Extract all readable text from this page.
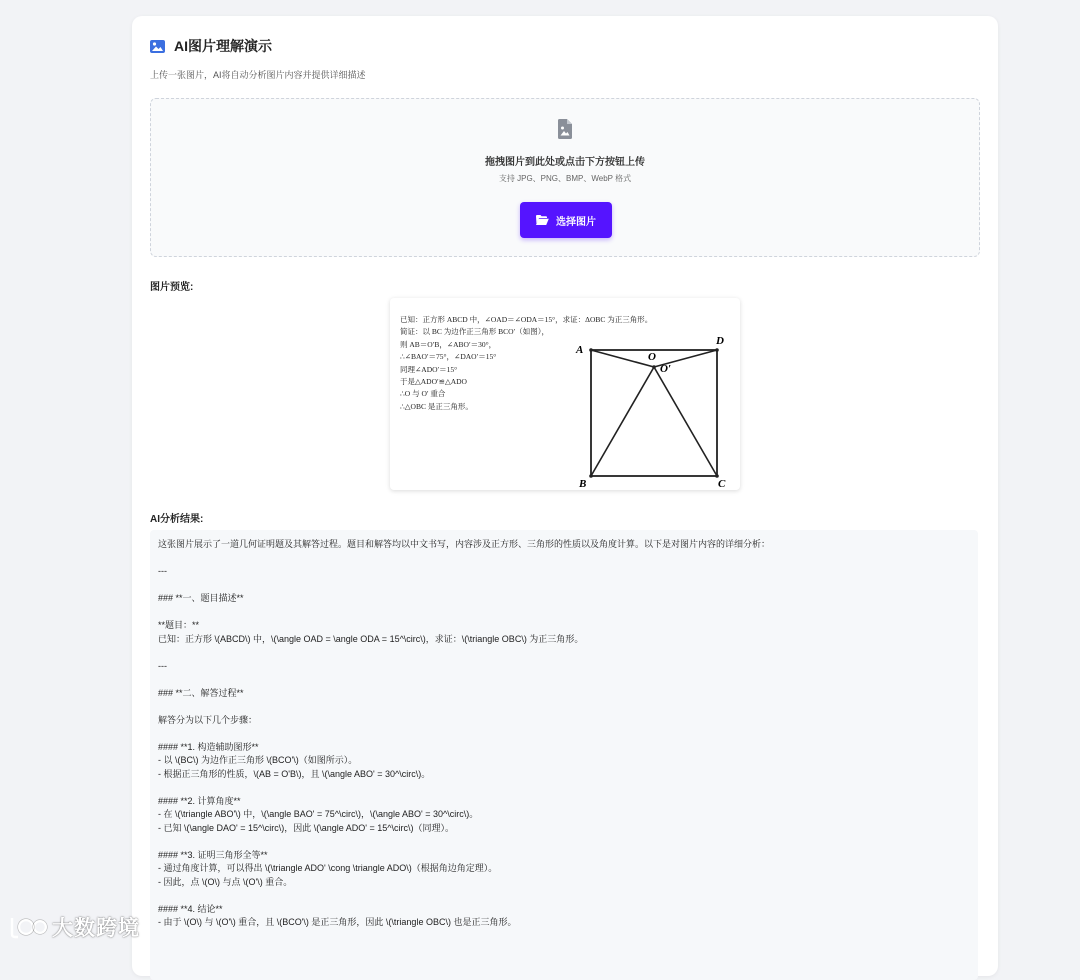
AI图片理解演示
上传一张图片，AI将自动分析图片内容并提供详细描述
拖拽图片到此处或点击下方按钮上传
支持 JPG、PNG、BMP、WebP 格式
选择图片
图片预览:
已知：正方形 ABCD 中，∠OAD＝∠ODA＝15°，求证：ΔOBC 为正三角形。
简证：以 BC 为边作正三角形 BCO′（如图），
则 AB＝O′B，∠ABO′＝30°，
∴∠BAO′＝75°，∠DAO′＝15°
同理∠ADO′＝15°
于是△ADO′≌△ADO
∴O 与 O′ 重合
∴△OBC 是正三角形。
A
D
O
O′
B	C
AI分析结果:
这张图片展示了一道几何证明题及其解答过程。题目和解答均以中文书写，内容涉及正方形、三角形的性质以及角度计算。以下是对图片内容的详细分析：
---
### **一、题目描述**
**题目：**
已知：正方形 \(ABCD\) 中，\(\angle OAD = \angle ODA = 15^\circ\)，求证：\(\triangle OBC\) 为正三角形。
---
### **二、解答过程**
解答分为以下几个步骤：
#### **1. 构造辅助图形**
- 以 \(BC\) 为边作正三角形 \(BCO'\)（如图所示）。
- 根据正三角形的性质，\(AB = O'B\)，且 \(\angle ABO' = 30^\circ\)。
#### **2. 计算角度**
- 在 \(\triangle ABO'\) 中，\(\angle BAO' = 75^\circ\)，\(\angle ABO' = 30^\circ\)。
- 已知 \(\angle DAO' = 15^\circ\)，因此 \(\angle ADO' = 15^\circ\)（同理）。
#### **3. 证明三角形全等**
- 通过角度计算，可以得出 \(\triangle ADO' \cong \triangle ADO\)（根据角边角定理）。
- 因此，点 \(O\) 与点 \(O'\) 重合。
#### **4. 结论**
- 由于 \(O\) 与 \(O'\) 重合，且 \(BCO'\) 是正三角形，因此 \(\triangle OBC\) 也是正三角形。
大数跨境
